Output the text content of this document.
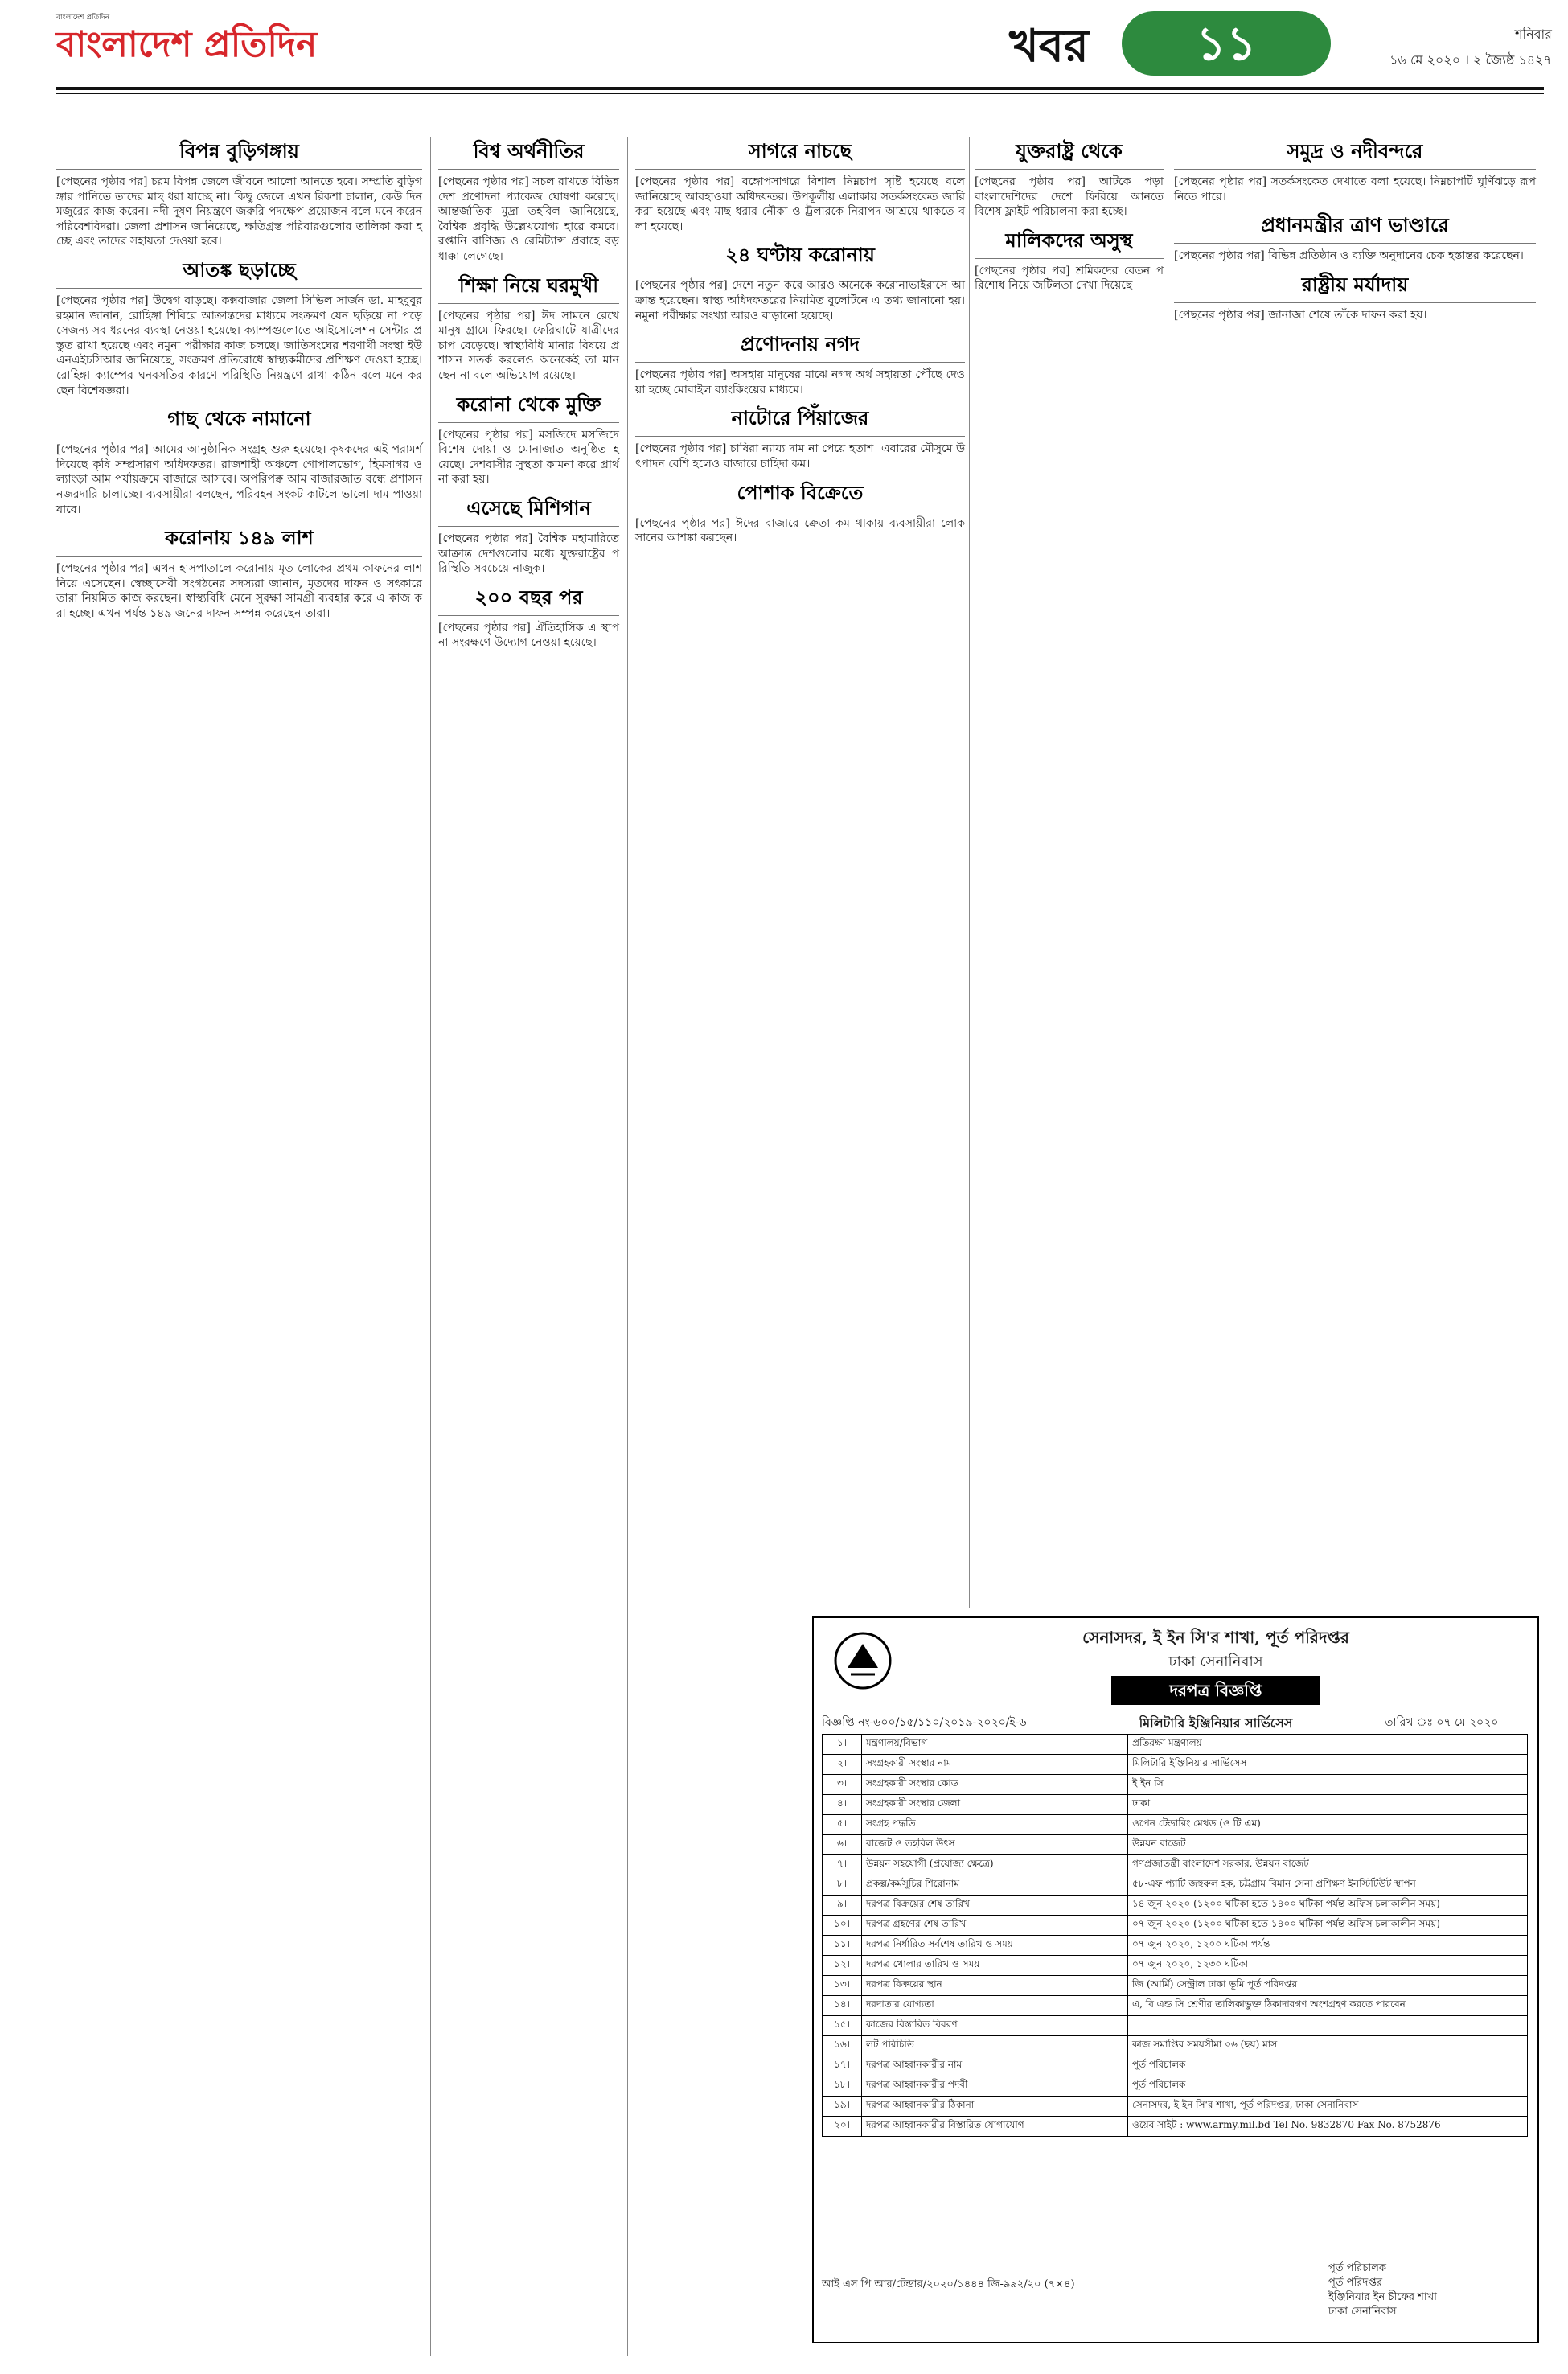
বাংলাদেশ প্রতিদিন
বাংলাদেশ প্রতিদিন	খবর	১১	শনিবার
১৬ মে ২০২০ । ২ জ্যৈষ্ঠ ১৪২৭
বিপন্ন বুড়িগঙ্গায়
[পেছনের পৃষ্ঠার পর] চরম বিপন্ন জেলে জীবনে আলো আনতে হবে। সম্প্রতি বুড়িগঙ্গার পানিতে তাদের মাছ ধরা যাচ্ছে না। কিছু জেলে এখন রিকশা চালান, কেউ দিনমজুরের কাজ করেন। নদী দূষণ নিয়ন্ত্রণে জরুরি পদক্ষেপ প্রয়োজন বলে মনে করেন পরিবেশবিদরা। জেলা প্রশাসন জানিয়েছে, ক্ষতিগ্রস্ত পরিবারগুলোর তালিকা করা হচ্ছে এবং তাদের সহায়তা দেওয়া হবে।
আতঙ্ক ছড়াচ্ছে
[পেছনের পৃষ্ঠার পর] উদ্বেগ বাড়ছে। কক্সবাজার জেলা সিভিল সার্জন ডা. মাহবুবুর রহমান জানান, রোহিঙ্গা শিবিরে আক্রান্তদের মাধ্যমে সংক্রমণ যেন ছড়িয়ে না পড়ে সেজন্য সব ধরনের ব্যবস্থা নেওয়া হয়েছে। ক্যাম্পগুলোতে আইসোলেশন সেন্টার প্রস্তুত রাখা হয়েছে এবং নমুনা পরীক্ষার কাজ চলছে। জাতিসংঘের শরণার্থী সংস্থা ইউএনএইচসিআর জানিয়েছে, সংক্রমণ প্রতিরোধে স্বাস্থ্যকর্মীদের প্রশিক্ষণ দেওয়া হচ্ছে। রোহিঙ্গা ক্যাম্পের ঘনবসতির কারণে পরিস্থিতি নিয়ন্ত্রণে রাখা কঠিন বলে মনে করছেন বিশেষজ্ঞরা।
গাছ থেকে নামানো
[পেছনের পৃষ্ঠার পর] আমের আনুষ্ঠানিক সংগ্রহ শুরু হয়েছে। কৃষকদের এই পরামর্শ দিয়েছে কৃষি সম্প্রসারণ অধিদফতর। রাজশাহী অঞ্চলে গোপালভোগ, হিমসাগর ও ল্যাংড়া আম পর্যায়ক্রমে বাজারে আসবে। অপরিপক্ব আম বাজারজাত বন্ধে প্রশাসন নজরদারি চালাচ্ছে। ব্যবসায়ীরা বলছেন, পরিবহন সংকট কাটলে ভালো দাম পাওয়া যাবে।
করোনায় ১৪৯ লাশ
[পেছনের পৃষ্ঠার পর] এখন হাসপাতালে করোনায় মৃত লোকের প্রথম কাফনের লাশ নিয়ে এসেছেন। স্বেচ্ছাসেবী সংগঠনের সদস্যরা জানান, মৃতদের দাফন ও সৎকারে তারা নিয়মিত কাজ করছেন। স্বাস্থ্যবিধি মেনে সুরক্ষা সামগ্রী ব্যবহার করে এ কাজ করা হচ্ছে। এখন পর্যন্ত ১৪৯ জনের দাফন সম্পন্ন করেছেন তারা।
বিশ্ব অর্থনীতির
[পেছনের পৃষ্ঠার পর] সচল রাখতে বিভিন্ন দেশ প্রণোদনা প্যাকেজ ঘোষণা করেছে। আন্তর্জাতিক মুদ্রা তহবিল জানিয়েছে, বৈশ্বিক প্রবৃদ্ধি উল্লেখযোগ্য হারে কমবে। রপ্তানি বাণিজ্য ও রেমিট্যান্স প্রবাহে বড় ধাক্কা লেগেছে।
শিক্ষা নিয়ে ঘরমুখী
[পেছনের পৃষ্ঠার পর] ঈদ সামনে রেখে মানুষ গ্রামে ফিরছে। ফেরিঘাটে যাত্রীদের চাপ বেড়েছে। স্বাস্থ্যবিধি মানার বিষয়ে প্রশাসন সতর্ক করলেও অনেকেই তা মানছেন না বলে অভিযোগ রয়েছে।
করোনা থেকে মুক্তি
[পেছনের পৃষ্ঠার পর] মসজিদে মসজিদে বিশেষ দোয়া ও মোনাজাত অনুষ্ঠিত হয়েছে। দেশবাসীর সুস্থতা কামনা করে প্রার্থনা করা হয়।
এসেছে মিশিগান
[পেছনের পৃষ্ঠার পর] বৈশ্বিক মহামারিতে আক্রান্ত দেশগুলোর মধ্যে যুক্তরাষ্ট্রের পরিস্থিতি সবচেয়ে নাজুক।
২০০ বছর পর
[পেছনের পৃষ্ঠার পর] ঐতিহাসিক এ স্থাপনা সংরক্ষণে উদ্যোগ নেওয়া হয়েছে।
সাগরে নাচছে
[পেছনের পৃষ্ঠার পর] বঙ্গোপসাগরে বিশাল নিম্নচাপ সৃষ্টি হয়েছে বলে জানিয়েছে আবহাওয়া অধিদফতর। উপকূলীয় এলাকায় সতর্কসংকেত জারি করা হয়েছে এবং মাছ ধরার নৌকা ও ট্রলারকে নিরাপদ আশ্রয়ে থাকতে বলা হয়েছে।
২৪ ঘণ্টায় করোনায়
[পেছনের পৃষ্ঠার পর] দেশে নতুন করে আরও অনেকে করোনাভাইরাসে আক্রান্ত হয়েছেন। স্বাস্থ্য অধিদফতরের নিয়মিত বুলেটিনে এ তথ্য জানানো হয়। নমুনা পরীক্ষার সংখ্যা আরও বাড়ানো হয়েছে।
প্রণোদনায় নগদ
[পেছনের পৃষ্ঠার পর] অসহায় মানুষের মাঝে নগদ অর্থ সহায়তা পৌঁছে দেওয়া হচ্ছে মোবাইল ব্যাংকিংয়ের মাধ্যমে।
নাটোরে পিঁয়াজের
[পেছনের পৃষ্ঠার পর] চাষিরা ন্যায্য দাম না পেয়ে হতাশ। এবারের মৌসুমে উৎপাদন বেশি হলেও বাজারে চাহিদা কম।
পোশাক বিক্রেতে
[পেছনের পৃষ্ঠার পর] ঈদের বাজারে ক্রেতা কম থাকায় ব্যবসায়ীরা লোকসানের আশঙ্কা করছেন।
যুক্তরাষ্ট্র থেকে
[পেছনের পৃষ্ঠার পর] আটকে পড়া বাংলাদেশিদের দেশে ফিরিয়ে আনতে বিশেষ ফ্লাইট পরিচালনা করা হচ্ছে।
মালিকদের অসুস্থ
[পেছনের পৃষ্ঠার পর] শ্রমিকদের বেতন পরিশোধ নিয়ে জটিলতা দেখা দিয়েছে।
সমুদ্র ও নদীবন্দরে
[পেছনের পৃষ্ঠার পর] সতর্কসংকেত দেখাতে বলা হয়েছে। নিম্নচাপটি ঘূর্ণিঝড়ে রূপ নিতে পারে।
প্রধানমন্ত্রীর ত্রাণ ভাণ্ডারে
[পেছনের পৃষ্ঠার পর] বিভিন্ন প্রতিষ্ঠান ও ব্যক্তি অনুদানের চেক হস্তান্তর করেছেন।
রাষ্ট্রীয় মর্যাদায়
[পেছনের পৃষ্ঠার পর] জানাজা শেষে তাঁকে দাফন করা হয়।
সেনাসদর, ই ইন সি'র শাখা, পূর্ত পরিদপ্তর
ঢাকা সেনানিবাস
দরপত্র বিজ্ঞপ্তি
বিজ্ঞপ্তি নং-৬০০/১৫/১১০/২০১৯-২০২০/ই-৬	মিলিটারি ইঞ্জিনিয়ার সার্ভিসেস	তারিখ ঃ ০৭ মে ২০২০
১।	মন্ত্রণালয়/বিভাগ	প্রতিরক্ষা মন্ত্রণালয়
২।	সংগ্রহকারী সংস্থার নাম	মিলিটারি ইঞ্জিনিয়ার সার্ভিসেস
৩।	সংগ্রহকারী সংস্থার কোড	ই ইন সি
৪।	সংগ্রহকারী সংস্থার জেলা	ঢাকা
৫।	সংগ্রহ পদ্ধতি	ওপেন টেন্ডারিং মেথড (ও টি এম)
৬।	বাজেট ও তহবিল উৎস	উন্নয়ন বাজেট
৭।	উন্নয়ন সহযোগী (প্রযোজ্য ক্ষেত্রে)	গণপ্রজাতন্ত্রী বাংলাদেশ সরকার, উন্নয়ন বাজেট
৮।	প্রকল্প/কর্মসূচির শিরোনাম	৫৮-এফ প্যাটি জহুরুল হক, চট্টগ্রাম বিমান সেনা প্রশিক্ষণ ইনস্টিটিউট স্থাপন
৯।	দরপত্র বিক্রয়ের শেষ তারিখ	১৪ জুন ২০২০ (১২০০ ঘটিকা হতে ১৪০০ ঘটিকা পর্যন্ত অফিস চলাকালীন সময়)
১০।	দরপত্র গ্রহণের শেষ তারিখ	০৭ জুন ২০২০ (১২০০ ঘটিকা হতে ১৪০০ ঘটিকা পর্যন্ত অফিস চলাকালীন সময়)
১১।	দরপত্র নির্ধারিত সর্বশেষ তারিখ ও সময়	০৭ জুন ২০২০, ১২০০ ঘটিকা পর্যন্ত
১২।	দরপত্র খোলার তারিখ ও সময়	০৭ জুন ২০২০, ১২৩০ ঘটিকা
১৩।	দরপত্র বিক্রয়ের স্থান	জি (আর্মি) সেন্ট্রাল ঢাকা ভূমি পূর্ত পরিদপ্তর
১৪।	দরদাতার যোগ্যতা	এ, বি এন্ড সি শ্রেণীর তালিকাভুক্ত ঠিকাদারগণ অংশগ্রহণ করতে পারবেন
১৫।	কাজের বিস্তারিত বিবরণ	
১৬।	লট পরিচিতি	কাজ সমাপ্তির সময়সীমা ০৬ (ছয়) মাস
১৭।	দরপত্র আহ্বানকারীর নাম	পূর্ত পরিচালক
১৮।	দরপত্র আহ্বানকারীর পদবী	পূর্ত পরিচালক
১৯।	দরপত্র আহ্বানকারীর ঠিকানা	সেনাসদর, ই ইন সি'র শাখা, পূর্ত পরিদপ্তর, ঢাকা সেনানিবাস
২০।	দরপত্র আহ্বানকারীর বিস্তারিত যোগাযোগ	ওয়েব সাইট : www.army.mil.bd Tel No. 9832870 Fax No. 8752876
আই এস পি আর/টেন্ডার/২০২০/১৪৪৪ জি-৯৯২/২০ (৭×৪)
পূর্ত পরিচালক
পূর্ত পরিদপ্তর
ইঞ্জিনিয়ার ইন চীফের শাখা
ঢাকা সেনানিবাস
